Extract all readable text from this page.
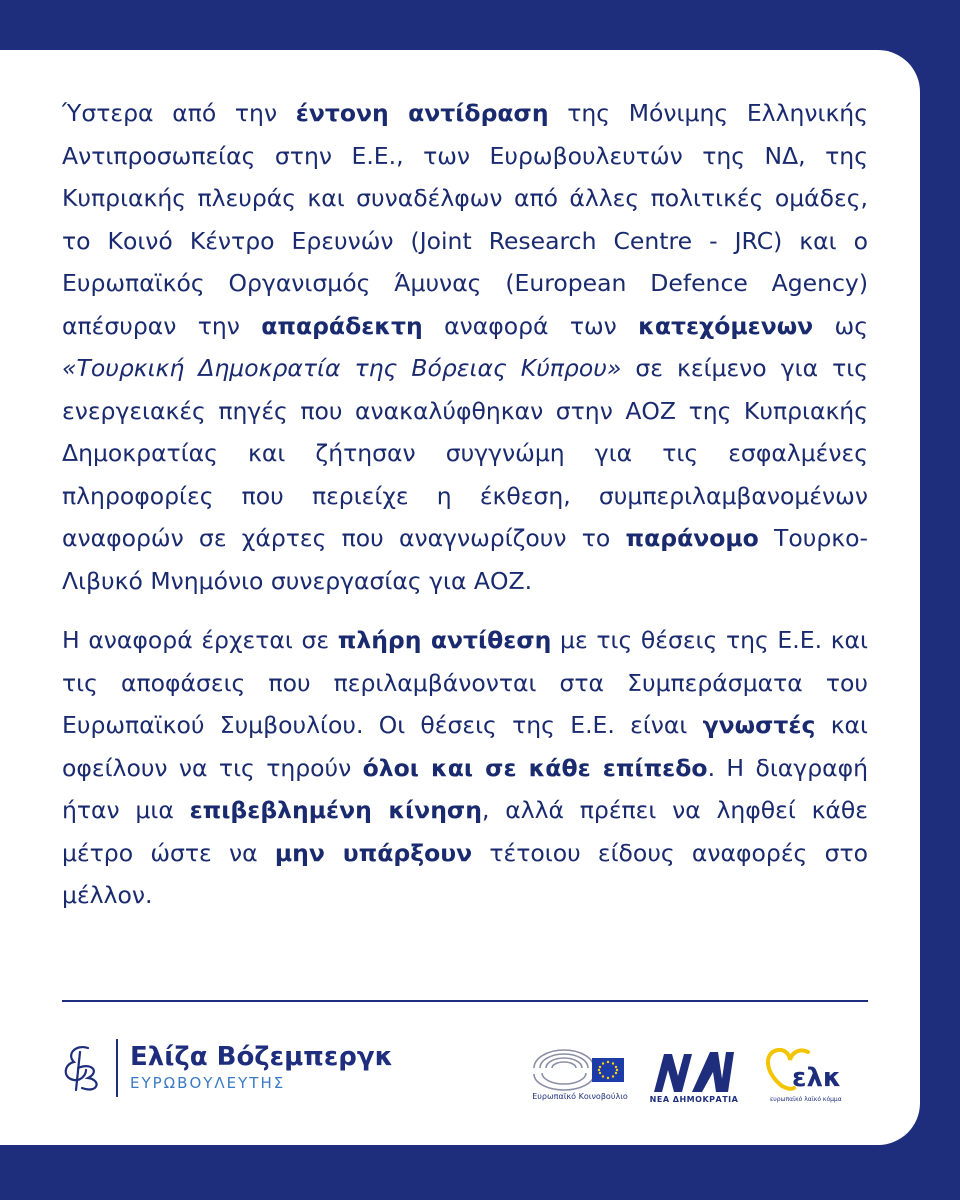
Ύστερα από την έντονη αντίδραση της Μόνιμης Ελληνικής Αντιπροσωπείας στην Ε.Ε., των Ευρωβουλευτών της ΝΔ, της Κυπριακής πλευράς και συναδέλφων από άλλες πολιτικές ομάδες, το Κοινό Κέντρο Ερευνών (Joint Research Centre - JRC) και ο Ευρωπαϊκός Οργανισμός Άμυνας (European Defence Agency) απέσυραν την απαράδεκτη αναφορά των κατεχόμενων ως «Τουρκική Δημοκρατία της Βόρειας Κύπρου» σε κείμενο για τις ενεργειακές πηγές που ανακαλύφθηκαν στην ΑΟΖ της Κυπριακής Δημοκρατίας και ζήτησαν συγγνώμη για τις εσφαλμένες πληροφορίες που περιείχε η έκθεση, συμπεριλαμβανομένων αναφορών σε χάρτες που αναγνωρίζουν το παράνομο Τουρκο-Λιβυκό Μνημόνιο συνεργασίας για ΑΟΖ.

Η αναφορά έρχεται σε πλήρη αντίθεση με τις θέσεις της Ε.Ε. και τις αποφάσεις που περιλαμβάνονται στα Συμπεράσματα του Ευρωπαϊκού Συμβουλίου. Οι θέσεις της Ε.Ε. είναι γνωστές και οφείλουν να τις τηρούν όλοι και σε κάθε επίπεδο. Η διαγραφή ήταν μια επιβεβλημένη κίνηση, αλλά πρέπει να ληφθεί κάθε μέτρο ώστε να μην υπάρξουν τέτοιου είδους αναφορές στο μέλλον.

Ελίζα Βόζεμπεργκ
ΕΥΡΩΒΟΥΛΕΥΤΗΣ
Ευρωπαϊκό Κοινοβούλιο	ΝΕΑ ΔΗΜΟΚΡΑΤΙΑ
ελκ
ευρωπαϊκό λαϊκό κόμμα
